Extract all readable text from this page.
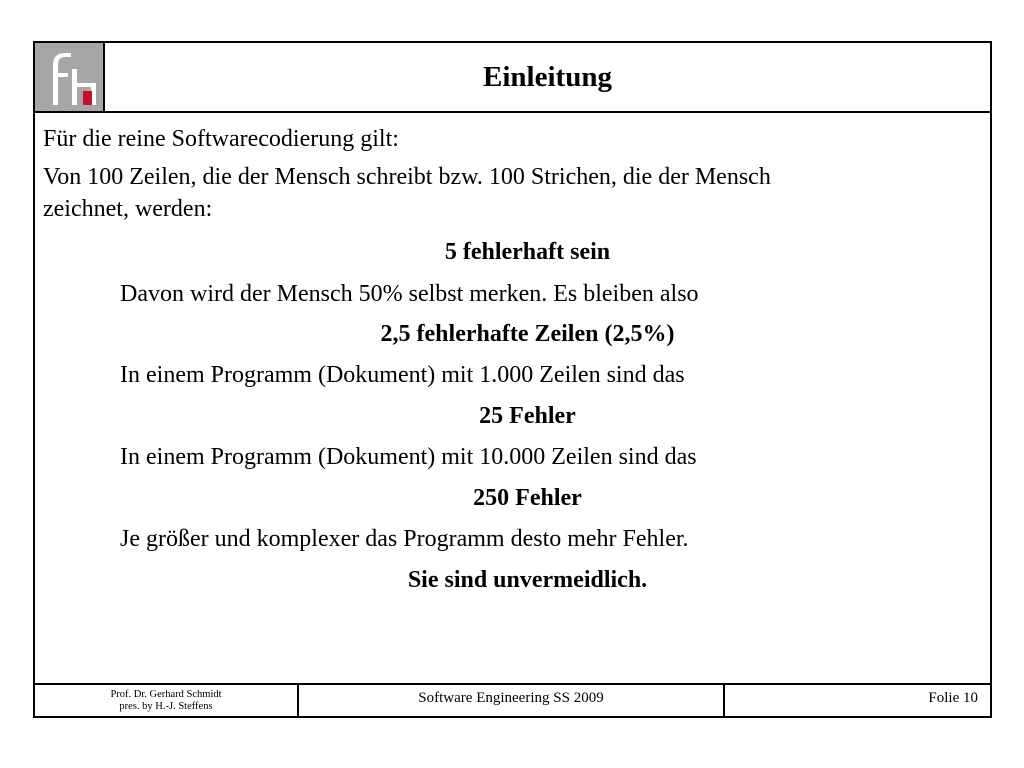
Einleitung
Für die reine Softwarecodierung gilt:
Von 100 Zeilen, die der Mensch schreibt bzw. 100 Strichen, die der Mensch
zeichnet, werden:
5 fehlerhaft sein
Davon wird der Mensch 50% selbst merken. Es bleiben also
2,5 fehlerhafte Zeilen (2,5%)
In einem Programm (Dokument) mit 1.000 Zeilen sind das
25 Fehler
In einem Programm (Dokument) mit 10.000 Zeilen sind das
250 Fehler
Je größer und komplexer das Programm desto mehr Fehler.
Sie sind unvermeidlich.
Prof. Dr. Gerhard Schmidt
pres. by H.-J. Steffens
Software Engineering SS 2009	Folie 10
